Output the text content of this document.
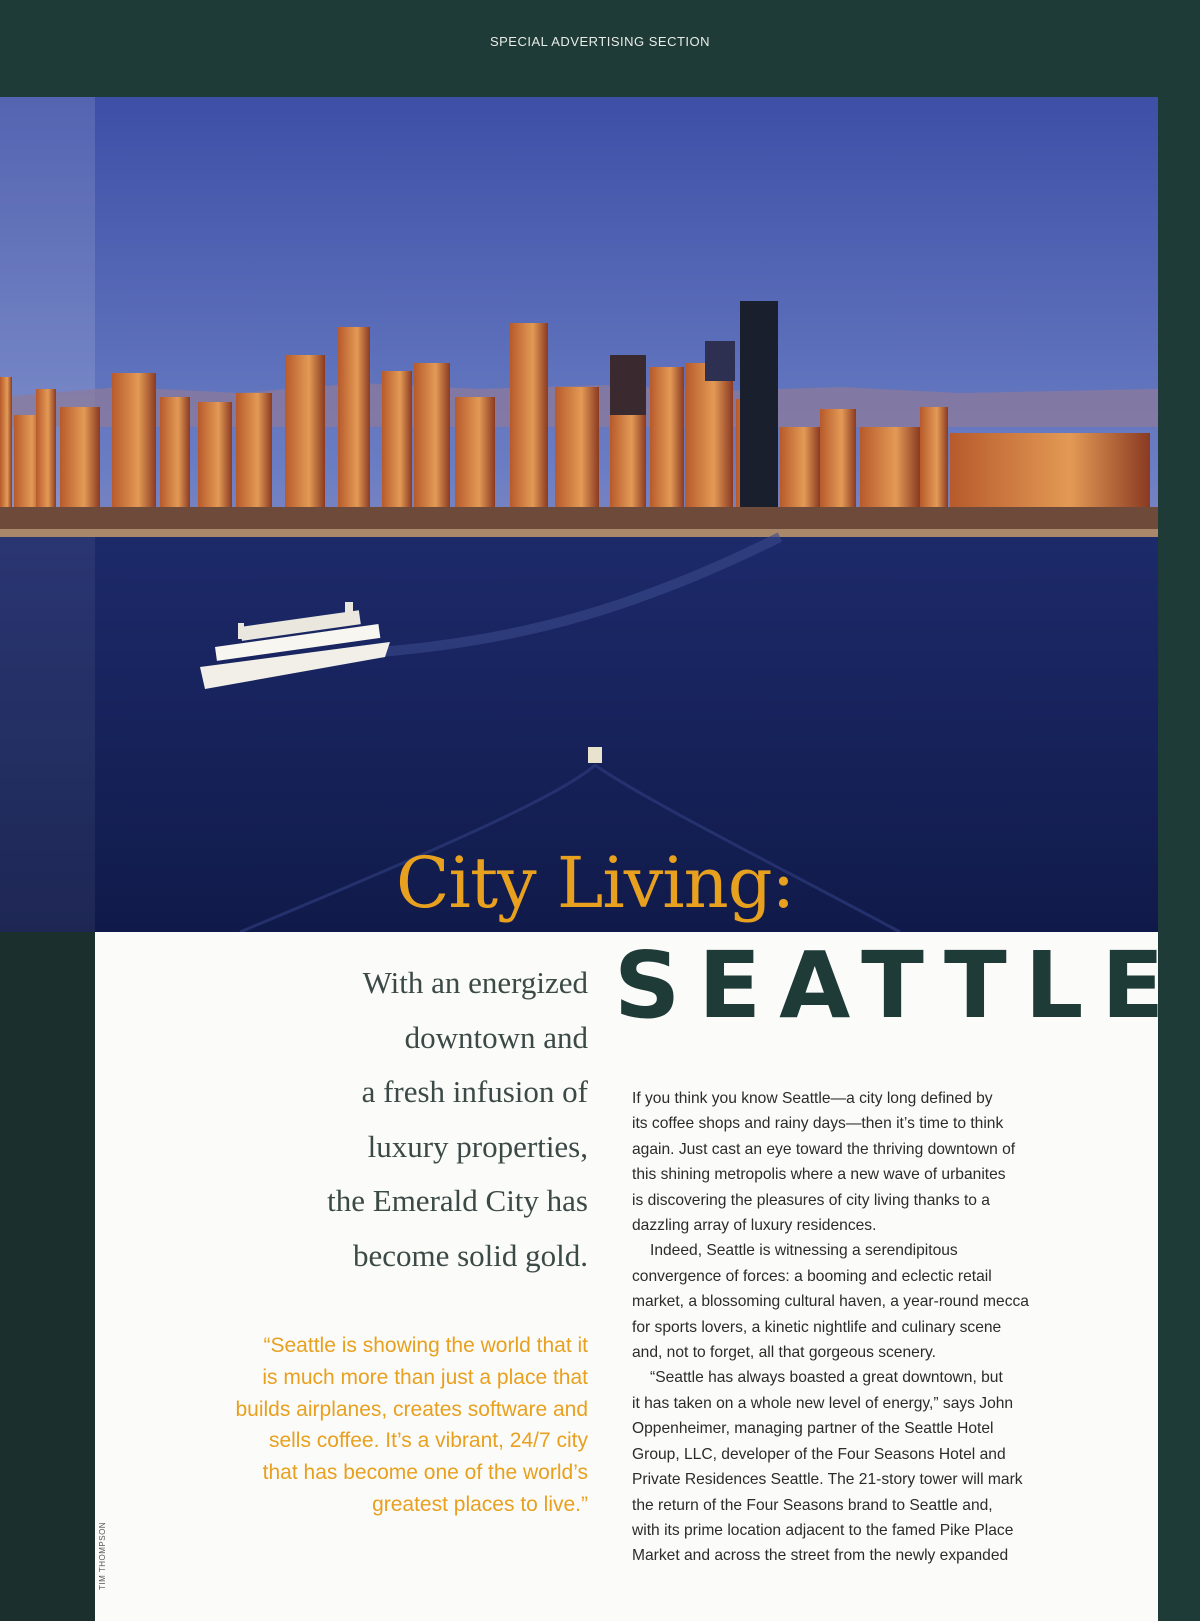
SPECIAL ADVERTISING SECTION
City Living:
SEATTLE
With an energized
downtown and
a fresh infusion of
luxury properties,
the Emerald City has
become solid gold.
If you think you know Seattle—a city long defined by
its coffee shops and rainy days—then it’s time to think
again. Just cast an eye toward the thriving downtown of
this shining metropolis where a new wave of urbanites
is discovering the pleasures of city living thanks to a
dazzling array of luxury residences.
Indeed, Seattle is witnessing a serendipitous
convergence of forces: a booming and eclectic retail
market, a blossoming cultural haven, a year-round mecca
for sports lovers, a kinetic nightlife and culinary scene
and, not to forget, all that gorgeous scenery.
“Seattle has always boasted a great downtown, but
it has taken on a whole new level of energy,” says John
Oppenheimer, managing partner of the Seattle Hotel
Group, LLC, developer of the Four Seasons Hotel and
Private Residences Seattle. The 21-story tower will mark
the return of the Four Seasons brand to Seattle and,
with its prime location adjacent to the famed Pike Place
Market and across the street from the newly expanded
“Seattle is showing the world that it
is much more than just a place that
builds airplanes, creates software and
sells coffee. It’s a vibrant, 24/7 city
that has become one of the world’s
greatest places to live.”
TIM THOMPSON
